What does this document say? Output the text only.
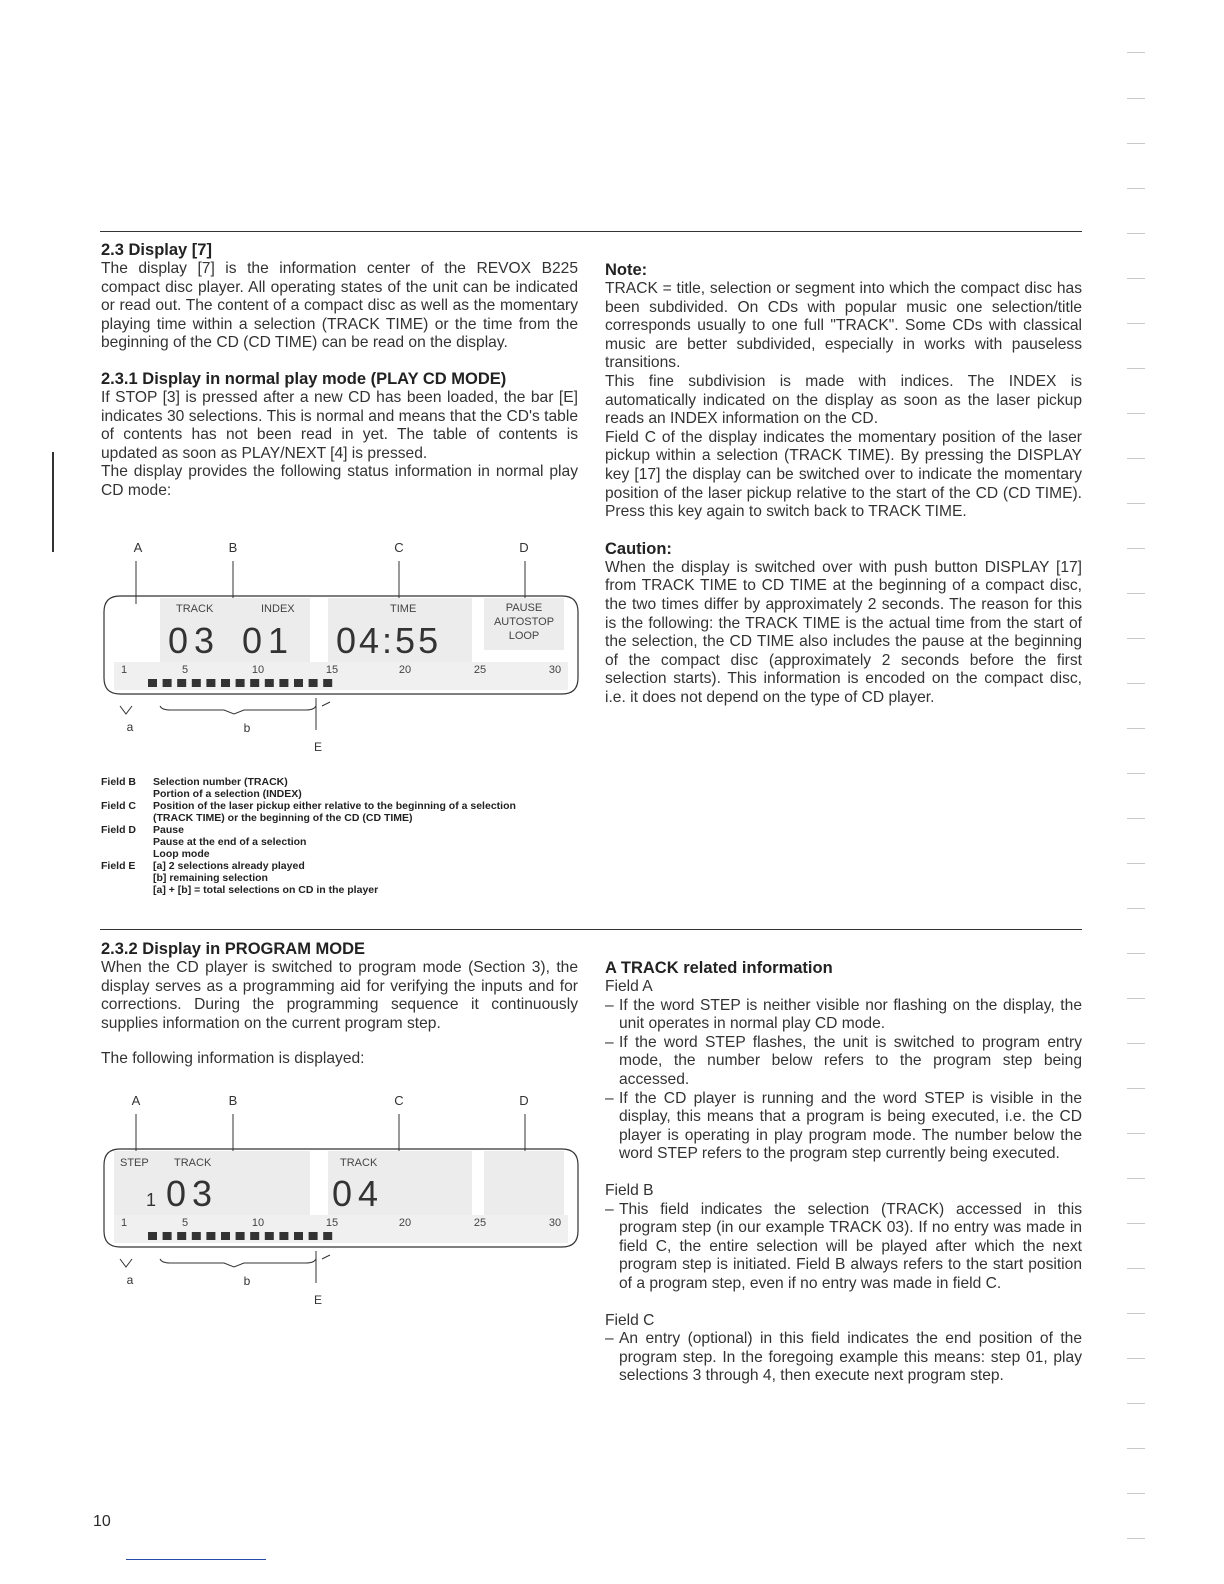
2.3 Display [7]
The display [7] is the information center of the REVOX B225 compact disc player. All operating states of the unit can be indicated or read out. The content of a compact disc as well as the momentary playing time within a selection (TRACK TIME) or the time from the beginning of the CD (CD TIME) can be read on the display.
2.3.1 Display in normal play mode (PLAY CD MODE)

If STOP [3] is pressed after a new CD has been loaded, the bar [E] indicates 30 selections. This is normal and means that the CD's table of contents has not been read in yet. The table of contents is updated as soon as PLAY/NEXT [4] is pressed.

The display provides the following status information in normal play CD mode:

A	B	C	D
TRACK	INDEX	TIME	PAUSE
AUTOSTOP
LOOP
03 01 04:55
1	5	10	15	20	25	30
a	b
E
Field B	Selection number (TRACK)
Portion of a selection (INDEX)
Field C	Position of the laser pickup either relative to the beginning of a selection
(TRACK TIME) or the beginning of the CD (CD TIME)
Field D	Pause
Pause at the end of a selection
Loop mode
Field E	[a] 2 selections already played
[b] remaining selection
[a] + [b] = total selections on CD in the player
Note:

TRACK = title, selection or segment into which the compact disc has been subdivided. On CDs with popular music one selection/title corresponds usually to one full "TRACK". Some CDs with classical music are better subdivided, especially in works with pauseless transitions.

This fine subdivision is made with indices. The INDEX is automatically indicated on the display as soon as the laser pickup reads an INDEX information on the CD.

Field C of the display indicates the momentary position of the laser pickup within a selection (TRACK TIME). By pressing the DISPLAY key [17] the display can be switched over to indicate the momentary position of the laser pickup relative to the start of the CD (CD TIME). Press this key again to switch back to TRACK TIME.

Caution:
When the display is switched over with push button DISPLAY [17] from TRACK TIME to CD TIME at the beginning of a compact disc, the two times differ by approximately 2 seconds. The reason for this is the following: the TRACK TIME is the actual time from the start of the selection, the CD TIME also includes the pause at the beginning of the compact disc (approximately 2 seconds before the first selection starts). This information is encoded on the compact disc, i.e. it does not depend on the type of CD player.
2.3.2 Display in PROGRAM MODE

When the CD player is switched to program mode (Section 3), the display serves as a programming aid for verifying the inputs and for corrections. During the programming sequence it continuously supplies information on the current program step.

The following information is displayed:

A	B	C	D
STEP TRACK	TRACK
1 03	04
1	5	10	15	20	25	30
a	b
E
A TRACK related information
Field A
– If the word STEP is neither visible nor flashing on the display, the unit operates in normal play CD mode.
– If the word STEP flashes, the unit is switched to program entry mode, the number below refers to the program step being accessed.
– If the CD player is running and the word STEP is visible in the display, this means that a program is being executed, i.e. the CD player is operating in play program mode. The number below the word STEP refers to the program step currently being executed.
Field B
– This field indicates the selection (TRACK) accessed in this program step (in our example TRACK 03). If no entry was made in field C, the entire selection will be played after which the next program step is initiated. Field B always refers to the start position of a program step, even if no entry was made in field C.
Field C
– An entry (optional) in this field indicates the end position of the program step. In the foregoing example this means: step 01, play selections 3 through 4, then execute next program step.
10
